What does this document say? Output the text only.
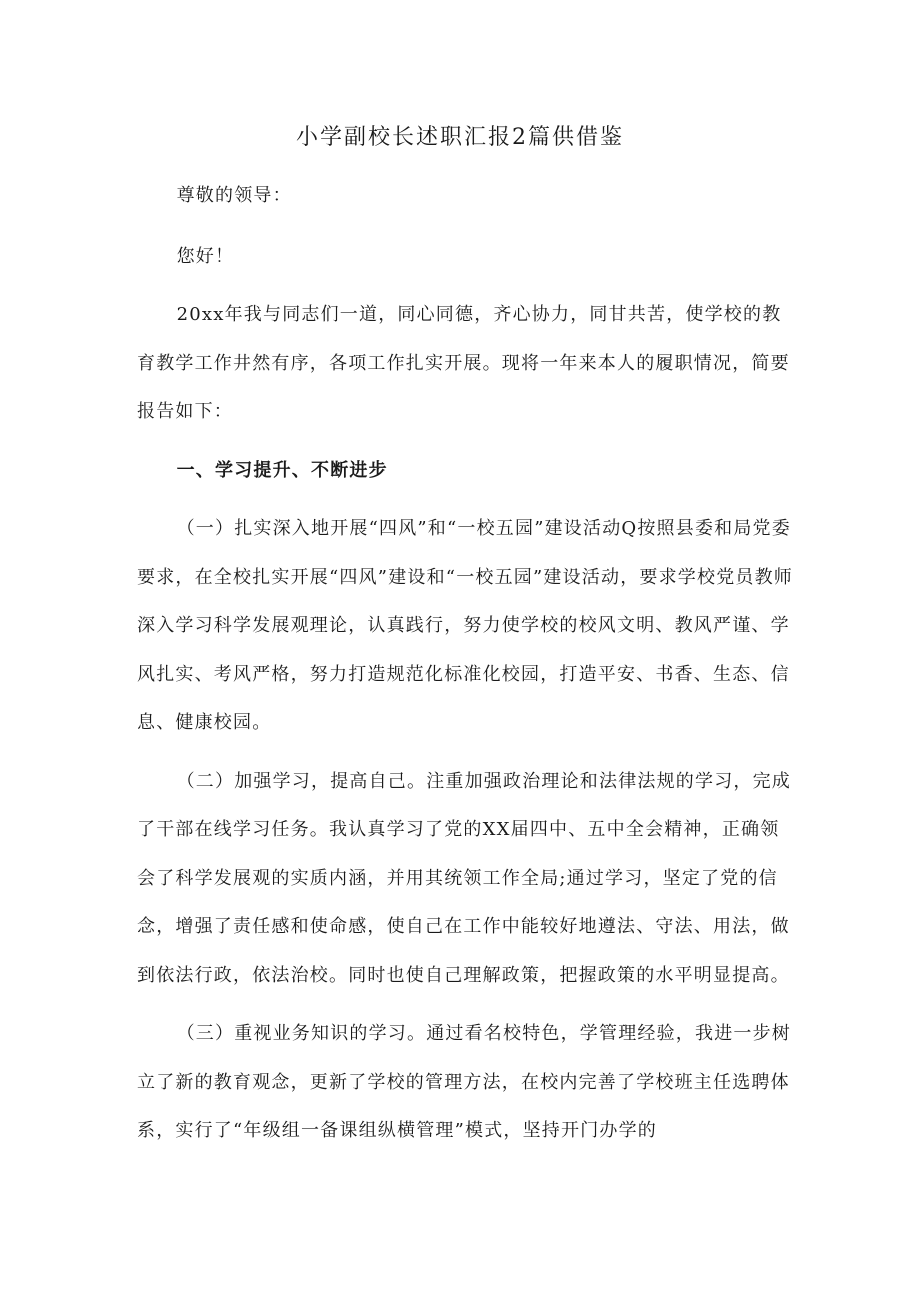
小学副校长述职汇报2篇供借鉴

尊敬的领导：

您好！

20xx年我与同志们一道，同心同德，齐心协力，同甘共苦，使学校的教育教学工作井然有序，各项工作扎实开展。现将一年来本人的履职情况，简要报告如下：

一、学习提升、不断进步

（一）扎实深入地开展“四风”和“一校五园”建设活动Q按照县委和局党委要求，在全校扎实开展“四风”建设和“一校五园”建设活动，要求学校党员教师深入学习科学发展观理论，认真践行，努力使学校的校风文明、教风严谨、学风扎实、考风严格，努力打造规范化标准化校园，打造平安、书香、生态、信息、健康校园。

（二）加强学习，提高自己。注重加强政治理论和法律法规的学习，完成了干部在线学习任务。我认真学习了党的XX届四中、五中全会精神，正确领会了科学发展观的实质内涵，并用其统领工作全局;通过学习，坚定了党的信念，增强了责任感和使命感，使自己在工作中能较好地遵法、守法、用法，做到依法行政，依法治校。同时也使自己理解政策，把握政策的水平明显提高。

（三）重视业务知识的学习。通过看名校特色，学管理经验，我进一步树立了新的教育观念，更新了学校的管理方法，在校内完善了学校班主任选聘体系，实行了“年级组一备课组纵横管理”模式，坚持开门办学的
